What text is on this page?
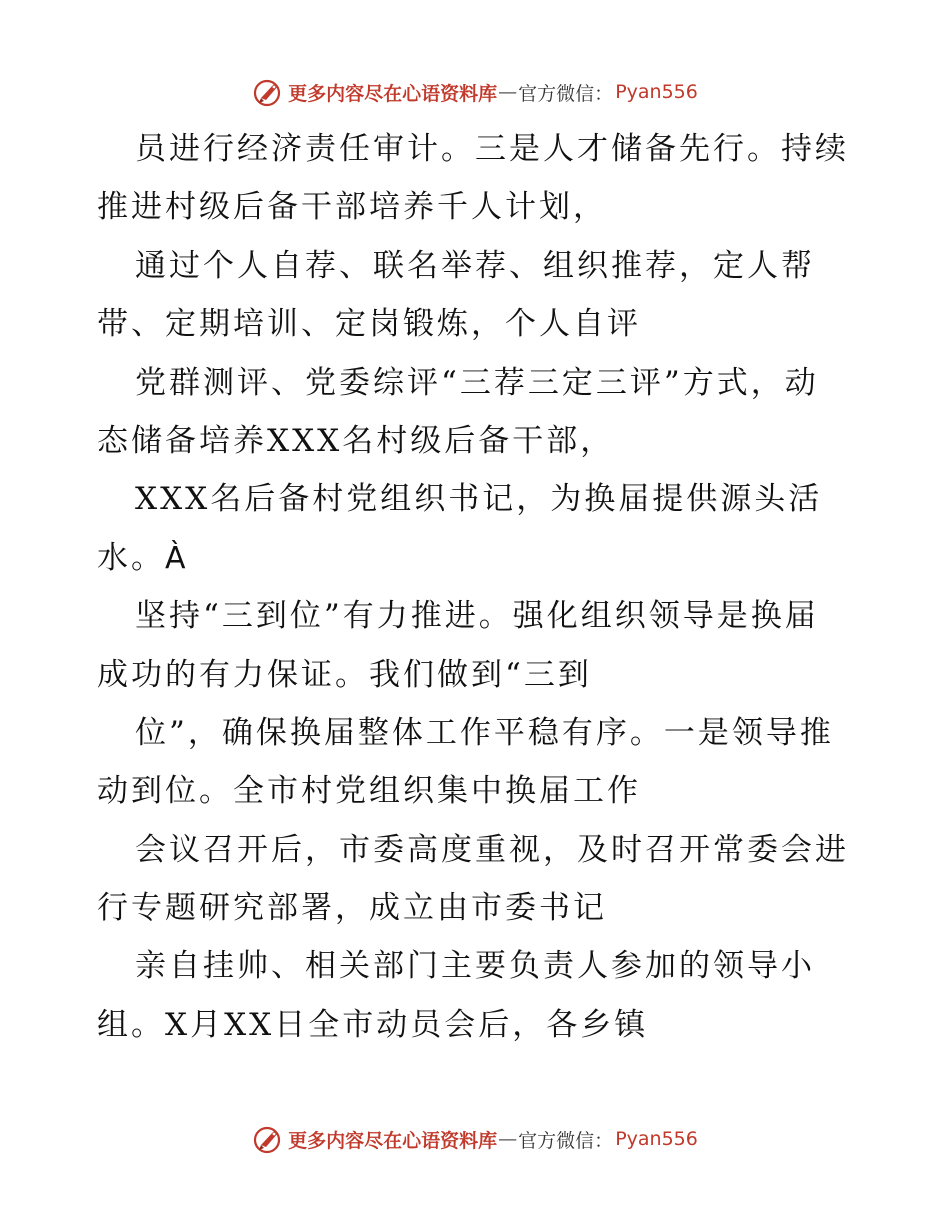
更多内容尽在心语资料库 — 官方微信： Pyan556

员进行经济责任审计。三是人才储备先行。持续

推进村级后备干部培养千人计划，

通过个人自荐、联名举荐、组织推荐，定人帮

带、定期培训、定岗锻炼，个人自评

党群测评、党委综评“三荐三定三评”方式，动

态储备培养XXX名村级后备干部，

XXX名后备村党组织书记，为换届提供源头活

水。À

坚持“三到位”有力推进。强化组织领导是换届

成功的有力保证。我们做到“三到

位”，确保换届整体工作平稳有序。一是领导推

动到位。全市村党组织集中换届工作

会议召开后，市委高度重视，及时召开常委会进

行专题研究部署，成立由市委书记

亲自挂帅、相关部门主要负责人参加的领导小

组。X月XX日全市动员会后，各乡镇

更多内容尽在心语资料库 — 官方微信： Pyan556
